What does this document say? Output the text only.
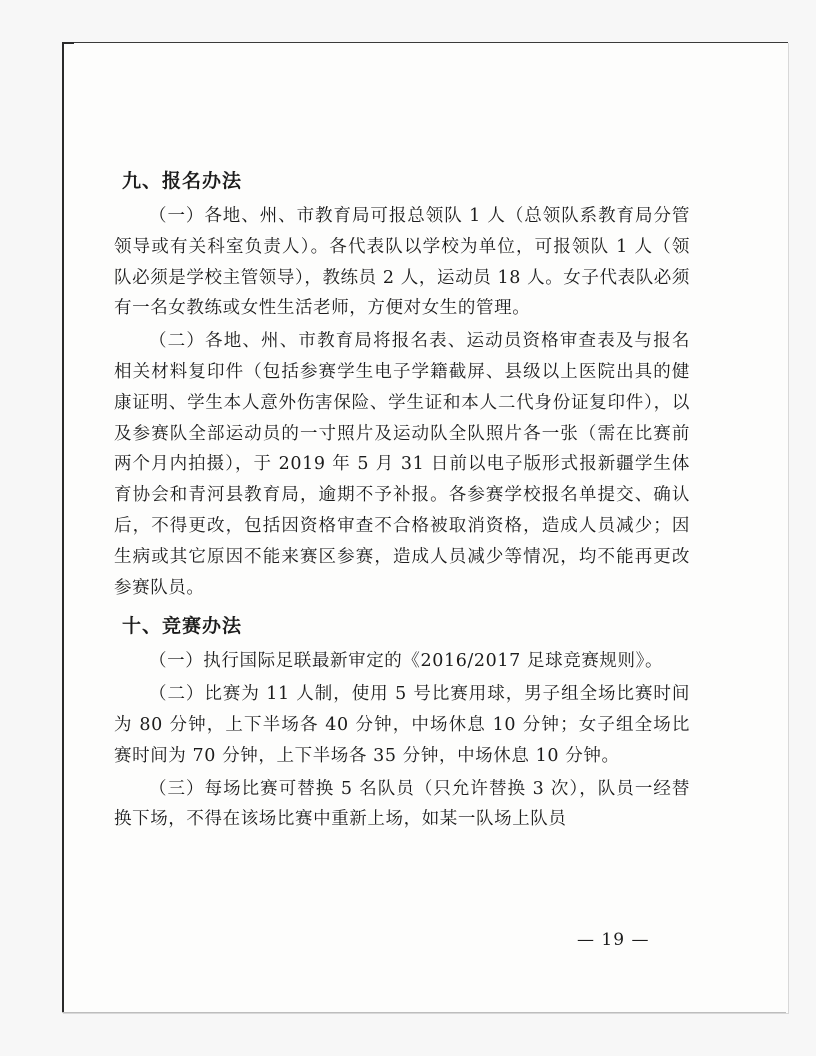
九、报名办法

（一）各地、州、市教育局可报总领队 1 人（总领队系教育局分管领导或有关科室负责人）。各代表队以学校为单位，可报领队 1 人（领队必须是学校主管领导），教练员 2 人，运动员 18 人。女子代表队必须有一名女教练或女性生活老师，方便对女生的管理。

（二）各地、州、市教育局将报名表、运动员资格审查表及与报名相关材料复印件（包括参赛学生电子学籍截屏、县级以上医院出具的健康证明、学生本人意外伤害保险、学生证和本人二代身份证复印件），以及参赛队全部运动员的一寸照片及运动队全队照片各一张（需在比赛前两个月内拍摄），于 2019 年 5 月 31 日前以电子版形式报新疆学生体育协会和青河县教育局，逾期不予补报。各参赛学校报名单提交、确认后，不得更改，包括因资格审查不合格被取消资格，造成人员减少；因生病或其它原因不能来赛区参赛，造成人员减少等情况，均不能再更改参赛队员。

十、竞赛办法

（一）执行国际足联最新审定的《2016/2017 足球竞赛规则》。

（二）比赛为 11 人制，使用 5 号比赛用球，男子组全场比赛时间为 80 分钟，上下半场各 40 分钟，中场休息 10 分钟；女子组全场比赛时间为 70 分钟，上下半场各 35 分钟，中场休息 10 分钟。

（三）每场比赛可替换 5 名队员（只允许替换 3 次），队员一经替换下场，不得在该场比赛中重新上场，如某一队场上队员

— 19 —
